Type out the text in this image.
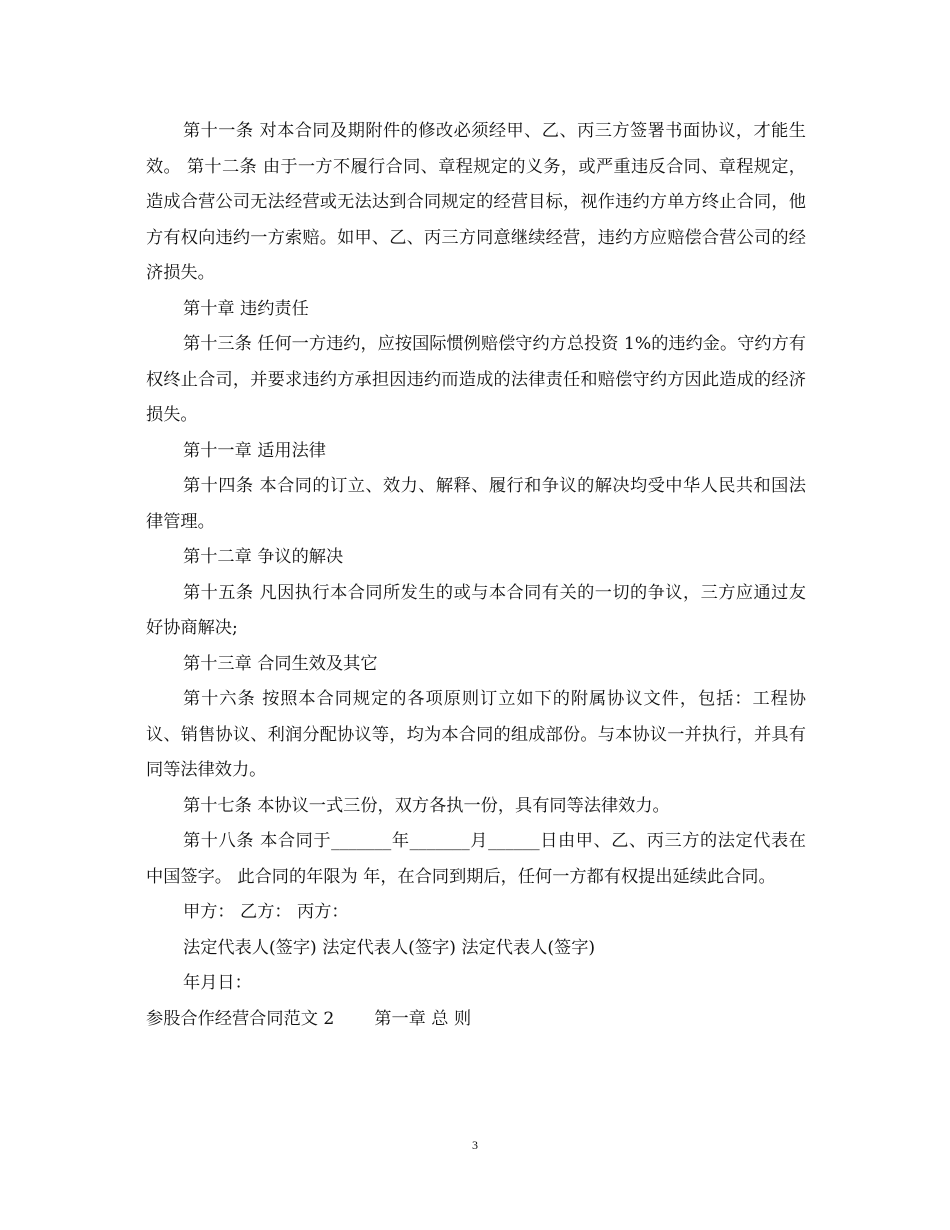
第十一条 对本合同及期附件的修改必须经甲、乙、丙三方签署书面协议，才能生效。 第十二条 由于一方不履行合同、章程规定的义务，或严重违反合同、章程规定，造成合营公司无法经营或无法达到合同规定的经营目标，视作违约方单方终止合同，他方有权向违约一方索赔。如甲、乙、丙三方同意继续经营，违约方应赔偿合营公司的经济损失。

第十章 违约责任

第十三条 任何一方违约，应按国际惯例赔偿守约方总投资 1%的违约金。守约方有权终止合司，并要求违约方承担因违约而造成的法律责任和赔偿守约方因此造成的经济损失。

第十一章 适用法律

第十四条 本合同的订立、效力、解释、履行和争议的解决均受中华人民共和国法律管理。

第十二章 争议的解决

第十五条 凡因执行本合同所发生的或与本合同有关的一切的争议，三方应通过友好协商解决;

第十三章 合同生效及其它

第十六条 按照本合同规定的各项原则订立如下的附属协议文件，包括：工程协议、销售协议、利润分配协议等，均为本合同的组成部份。与本协议一并执行，并具有同等法律效力。

第十七条 本协议一式三份，双方各执一份，具有同等法律效力。

第十八条 本合同于_______年_______月______日由甲、乙、丙三方的法定代表在中国签字。 此合同的年限为 年，在合同到期后，任何一方都有权提出延续此合同。

甲方： 乙方： 丙方：

法定代表人(签字) 法定代表人(签字) 法定代表人(签字)

年月日：

参股合作经营合同范文 2 第一章 总 则

3
